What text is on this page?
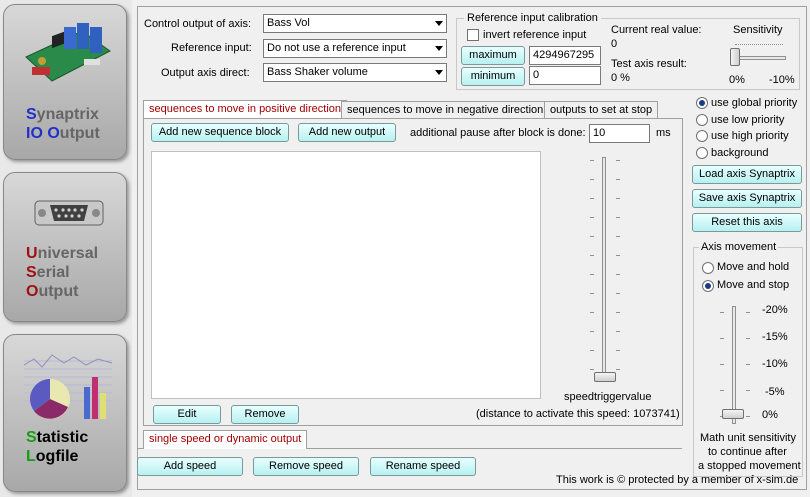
Synaptrix
IO Output
Universal
Serial
Output
Statistic
Logfile
Control output of axis:	Bass Vol
Reference input:	Do not use a reference input
Output axis direct:	Bass Shaker volume
Reference input calibration
invert reference input
maximum	4294967295
minimum	0
Current real value:
0
Test axis result:
0 %
Sensitivity
0% -10%
sequences to move in positive direction sequences to move in negative direction outputs to set at stop
Add new sequence block	Add new output	additional pause after block is done: 10	ms
speedtriggervalue
Edit	Remove	(distance to activate this speed: 1073741)
single speed or dynamic output
Add speed	Remove speed	Rename speed
This work is © protected by a member of x-sim.de
use global priority
use low priority
use high priority
background
Load axis Synaptrix
Save axis Synaptrix
Reset this axis
Axis movement
Move and hold
Move and stop
-20%
-15%
-10%
-5%
0%
Math unit sensitivity
to continue after
a stopped movement
